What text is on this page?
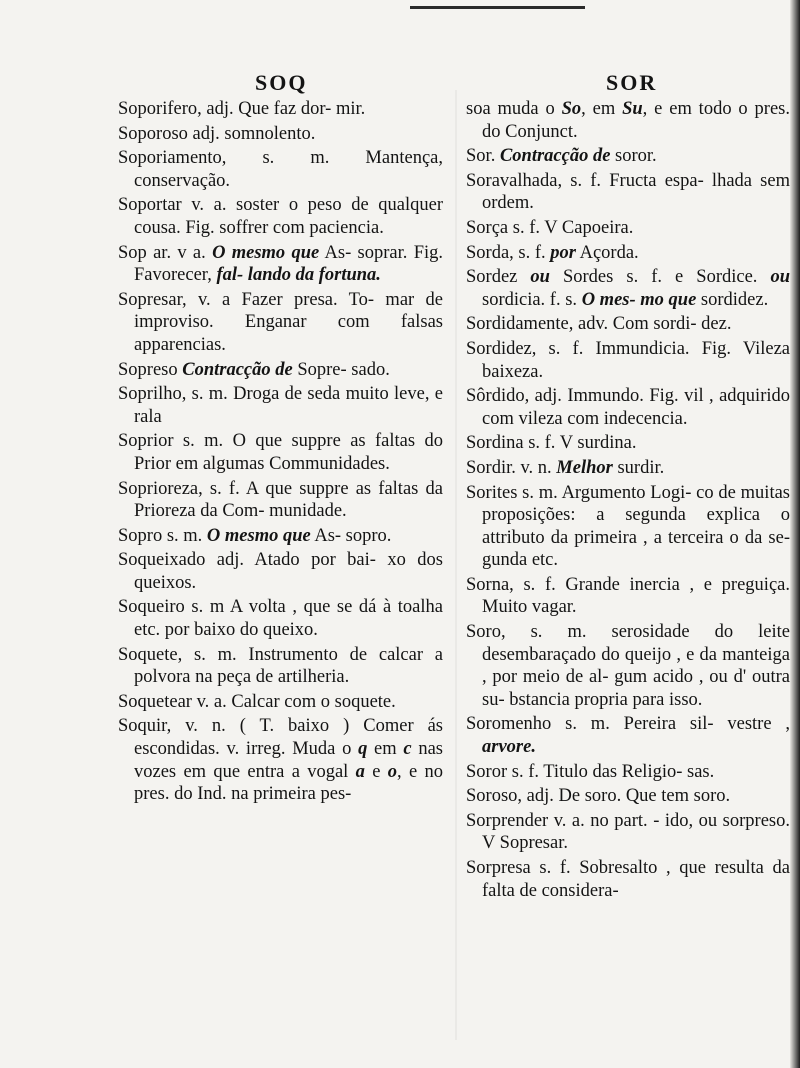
SOQ	SOR
Soporifero, adj. Que faz dor- mir.
Soporoso adj. somnolento.
Soporiamento, s. m. Mantença, conservação.
Soportar v. a. soster o peso de qualquer cousa. Fig. soffrer com paciencia.
Sop ar. v a. O mesmo que As- soprar. Fig. Favorecer, fal- lando da fortuna.
Sopresar, v. a Fazer presa. To- mar de improviso. Enganar com falsas apparencias.
Sopreso Contracção de Sopre- sado.
Soprilho, s. m. Droga de seda muito leve, e rala
Soprior s. m. O que suppre as faltas do Prior em algumas Communidades.
Soprioreza, s. f. A que suppre as faltas da Prioreza da Com- munidade.
Sopro s. m. O mesmo que As- sopro.
Soqueixado adj. Atado por bai- xo dos queixos.
Soqueiro s. m A volta , que se dá à toalha etc. por baixo do queixo.
Soquete, s. m. Instrumento de calcar a polvora na peça de artilheria.
Soquetear v. a. Calcar com o soquete.
Soquir, v. n. ( T. baixo ) Comer ás escondidas. v. irreg. Muda o q em c nas vozes em que entra a vogal a e o, e no pres. do Ind. na primeira pes-
soa muda o So, em Su, e em todo o pres. do Conjunct.
Sor. Contracção de soror.
Soravalhada, s. f. Fructa espa- lhada sem ordem.
Sorça s. f. V Capoeira.
Sorda, s. f. por Açorda.
Sordez ou Sordes s. f. e Sordice. ou sordicia. f. s. O mes- mo que sordidez.
Sordidamente, adv. Com sordi- dez.
Sordidez, s. f. Immundicia. Fig. Vileza baixeza.
Sôrdido, adj. Immundo. Fig. vil , adquirido com vileza com indecencia.
Sordina s. f. V surdina.
Sordir. v. n. Melhor surdir.
Sorites s. m. Argumento Logi- co de muitas proposições: a segunda explica o attributo da primeira , a terceira o da se- gunda etc.
Sorna, s. f. Grande inercia , e preguiça. Muito vagar.
Soro, s. m. serosidade do leite desembaraçado do queijo , e da manteiga , por meio de al- gum acido , ou d' outra su- bstancia propria para isso.
Soromenho s. m. Pereira sil- vestre , arvore.
Soror s. f. Titulo das Religio- sas.
Soroso, adj. De soro. Que tem soro.
Sorprender v. a. no part. - ido, ou sorpreso. V Sopresar.
Sorpresa s. f. Sobresalto , que resulta da falta de considera-
